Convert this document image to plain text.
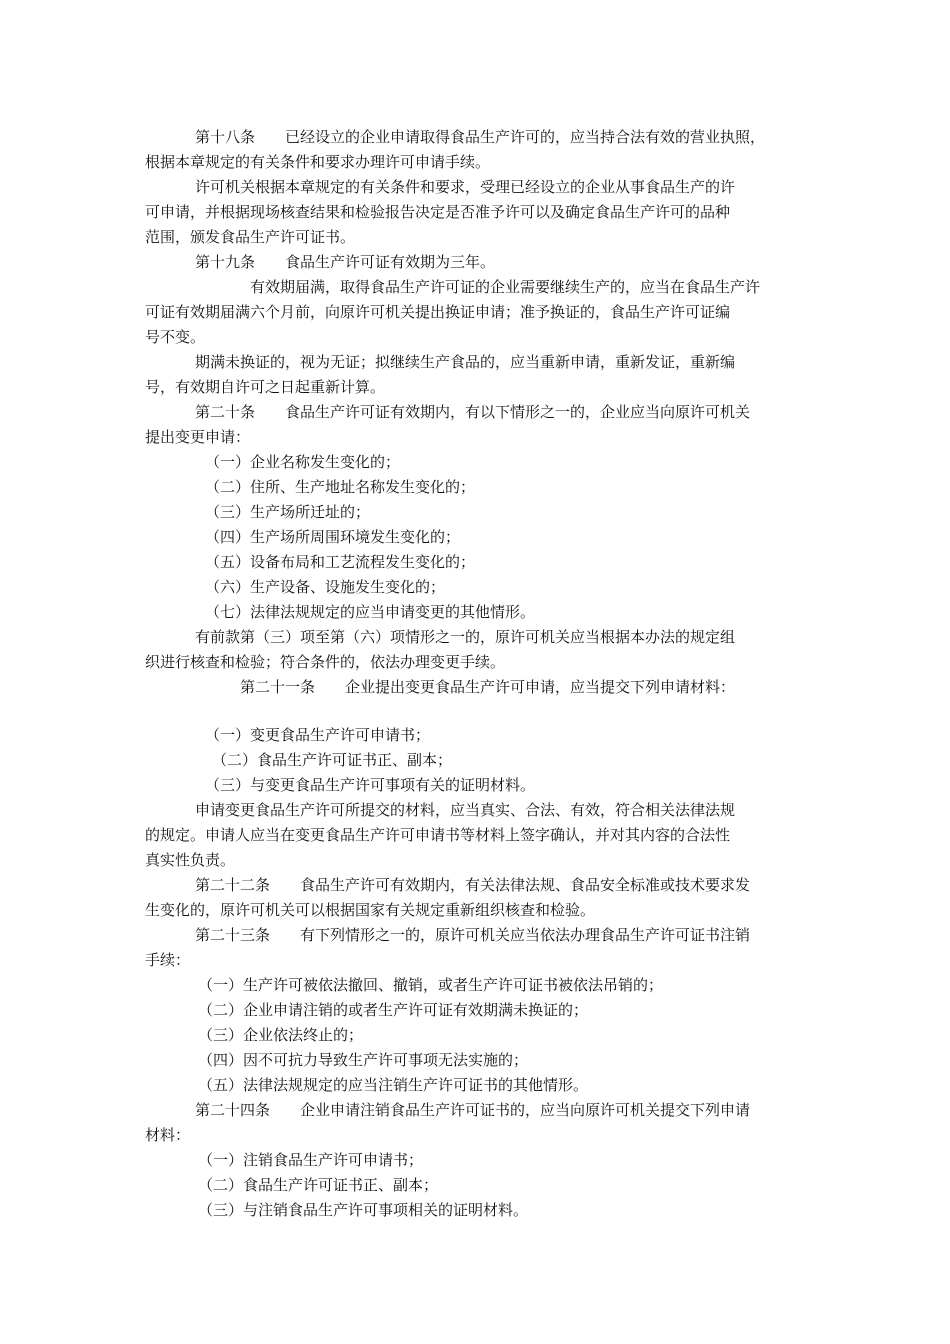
第十八条　　已经设立的企业申请取得食品生产许可的，应当持合法有效的营业执照，
根据本章规定的有关条件和要求办理许可申请手续。
许可机关根据本章规定的有关条件和要求，受理已经设立的企业从事食品生产的许
可申请，并根据现场核查结果和检验报告决定是否准予许可以及确定食品生产许可的品种
范围，颁发食品生产许可证书。
第十九条　　食品生产许可证有效期为三年。
有效期届满，取得食品生产许可证的企业需要继续生产的，应当在食品生产许
可证有效期届满六个月前，向原许可机关提出换证申请；准予换证的，食品生产许可证编
号不变。
期满未换证的，视为无证；拟继续生产食品的，应当重新申请，重新发证，重新编
号，有效期自许可之日起重新计算。
第二十条　　食品生产许可证有效期内，有以下情形之一的，企业应当向原许可机关
提出变更申请：
（一）企业名称发生变化的；
（二）住所、生产地址名称发生变化的；
（三）生产场所迁址的；
（四）生产场所周围环境发生变化的；
（五）设备布局和工艺流程发生变化的；
（六）生产设备、设施发生变化的；
（七）法律法规规定的应当申请变更的其他情形。
有前款第（三）项至第（六）项情形之一的，原许可机关应当根据本办法的规定组
织进行核查和检验；符合条件的，依法办理变更手续。
第二十一条　　企业提出变更食品生产许可申请，应当提交下列申请材料：
（一）变更食品生产许可申请书；
（二）食品生产许可证书正、副本；
（三）与变更食品生产许可事项有关的证明材料。
申请变更食品生产许可所提交的材料，应当真实、合法、有效，符合相关法律法规
的规定。申请人应当在变更食品生产许可申请书等材料上签字确认，并对其内容的合法性
真实性负责。
第二十二条　　食品生产许可有效期内，有关法律法规、食品安全标准或技术要求发
生变化的，原许可机关可以根据国家有关规定重新组织核查和检验。
第二十三条　　有下列情形之一的，原许可机关应当依法办理食品生产许可证书注销
手续：
（一）生产许可被依法撤回、撤销，或者生产许可证书被依法吊销的；
（二）企业申请注销的或者生产许可证有效期满未换证的；
（三）企业依法终止的；
（四）因不可抗力导致生产许可事项无法实施的；
（五）法律法规规定的应当注销生产许可证书的其他情形。
第二十四条　　企业申请注销食品生产许可证书的，应当向原许可机关提交下列申请
材料：
（一）注销食品生产许可申请书；
（二）食品生产许可证书正、副本；
（三）与注销食品生产许可事项相关的证明材料。
